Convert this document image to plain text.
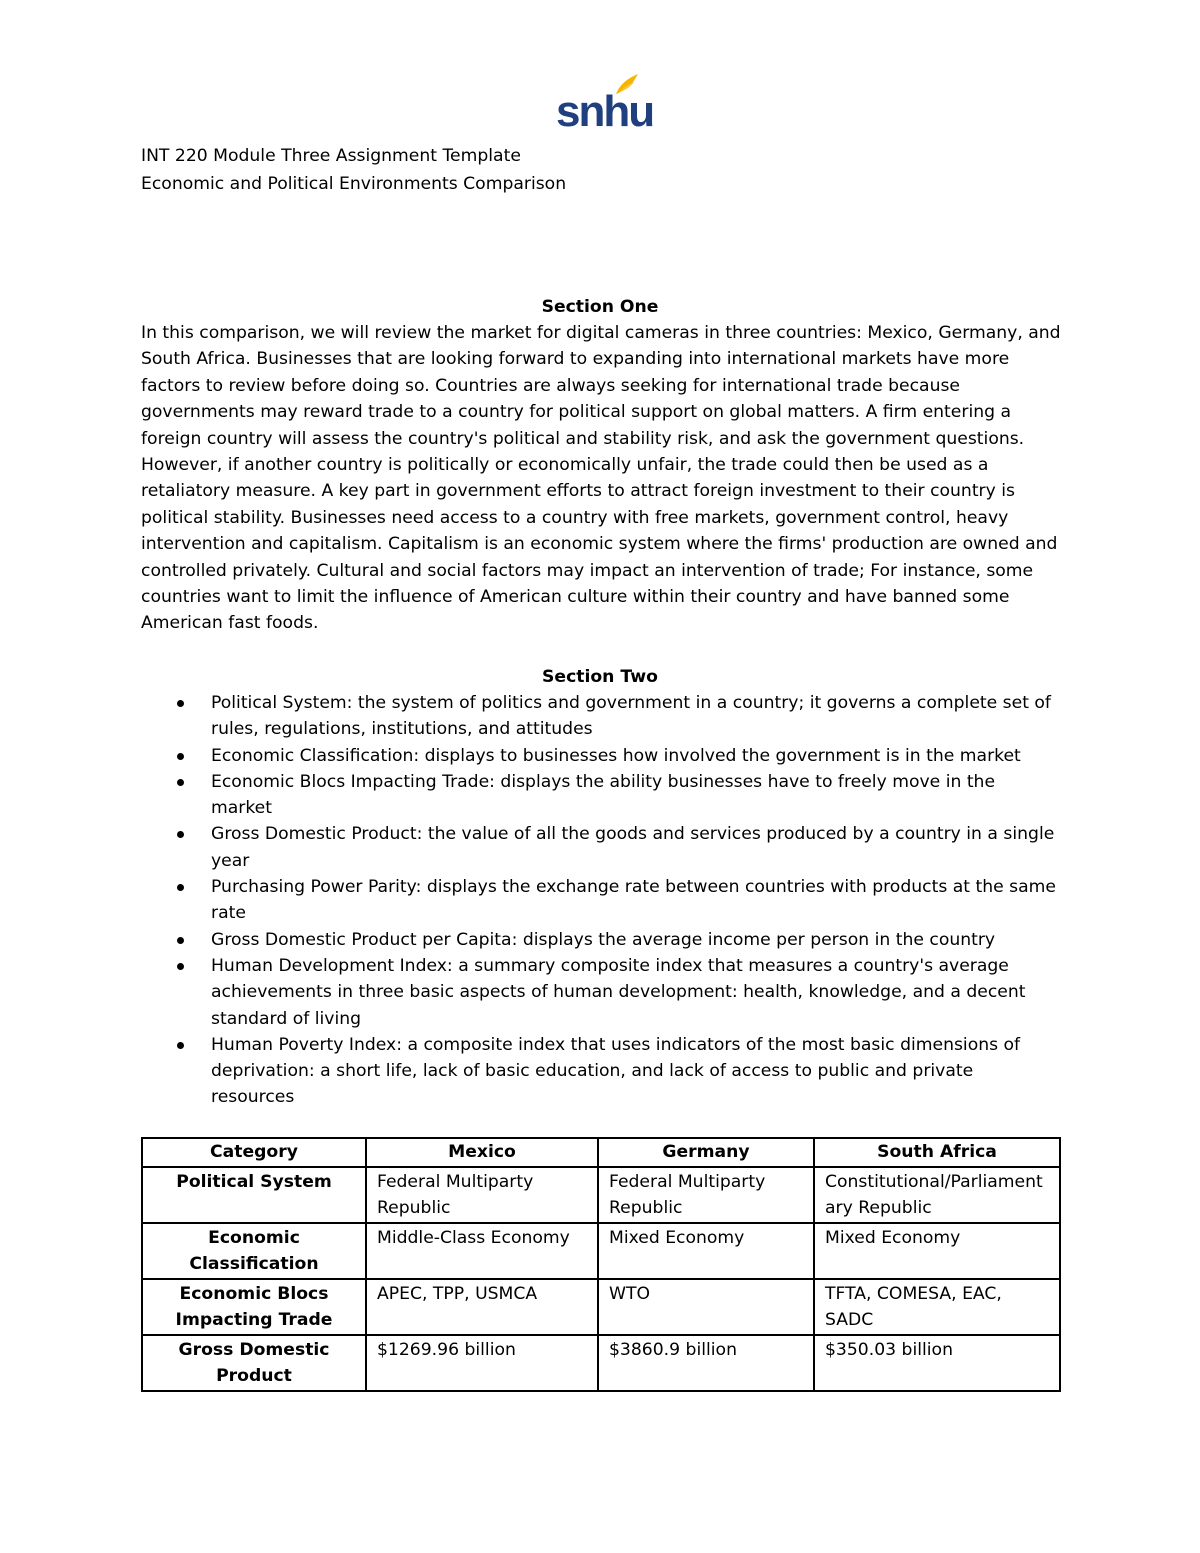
snhu
INT 220 Module Three Assignment Template
Economic and Political Environments Comparison
Section One

In this comparison, we will review the market for digital cameras in three countries: Mexico, Germany, and South Africa. Businesses that are looking forward to expanding into international markets have more factors to review before doing so. Countries are always seeking for international trade because governments may reward trade to a country for political support on global matters. A firm entering a foreign country will assess the country's political and stability risk, and ask the government questions. However, if another country is politically or economically unfair, the trade could then be used as a retaliatory measure. A key part in government efforts to attract foreign investment to their country is political stability. Businesses need access to a country with free markets, government control, heavy intervention and capitalism. Capitalism is an economic system where the firms' production are owned and controlled privately. Cultural and social factors may impact an intervention of trade; For instance, some countries want to limit the influence of American culture within their country and have banned some American fast foods.

Section Two
Political System: the system of politics and government in a country; it governs a complete set of rules, regulations, institutions, and attitudes
Economic Classification: displays to businesses how involved the government is in the market
Economic Blocs Impacting Trade: displays the ability businesses have to freely move in the market
Gross Domestic Product: the value of all the goods and services produced by a country in a single year
Purchasing Power Parity: displays the exchange rate between countries with products at the same rate
Gross Domestic Product per Capita: displays the average income per person in the country
Human Development Index: a summary composite index that measures a country's average achievements in three basic aspects of human development: health, knowledge, and a decent standard of living
Human Poverty Index: a composite index that uses indicators of the most basic dimensions of deprivation: a short life, lack of basic education, and lack of access to public and private resources
Category	Mexico	Germany	South Africa
Political System	Federal Multiparty Republic	Federal Multiparty Republic	Constitutional/Parliamentary Republic
Economic Classification	Middle-Class Economy	Mixed Economy	Mixed Economy
Economic Blocs Impacting Trade	APEC, TPP, USMCA	WTO	TFTA, COMESA, EAC, SADC
Gross Domestic Product	$1269.96 billion	$3860.9 billion	$350.03 billion
